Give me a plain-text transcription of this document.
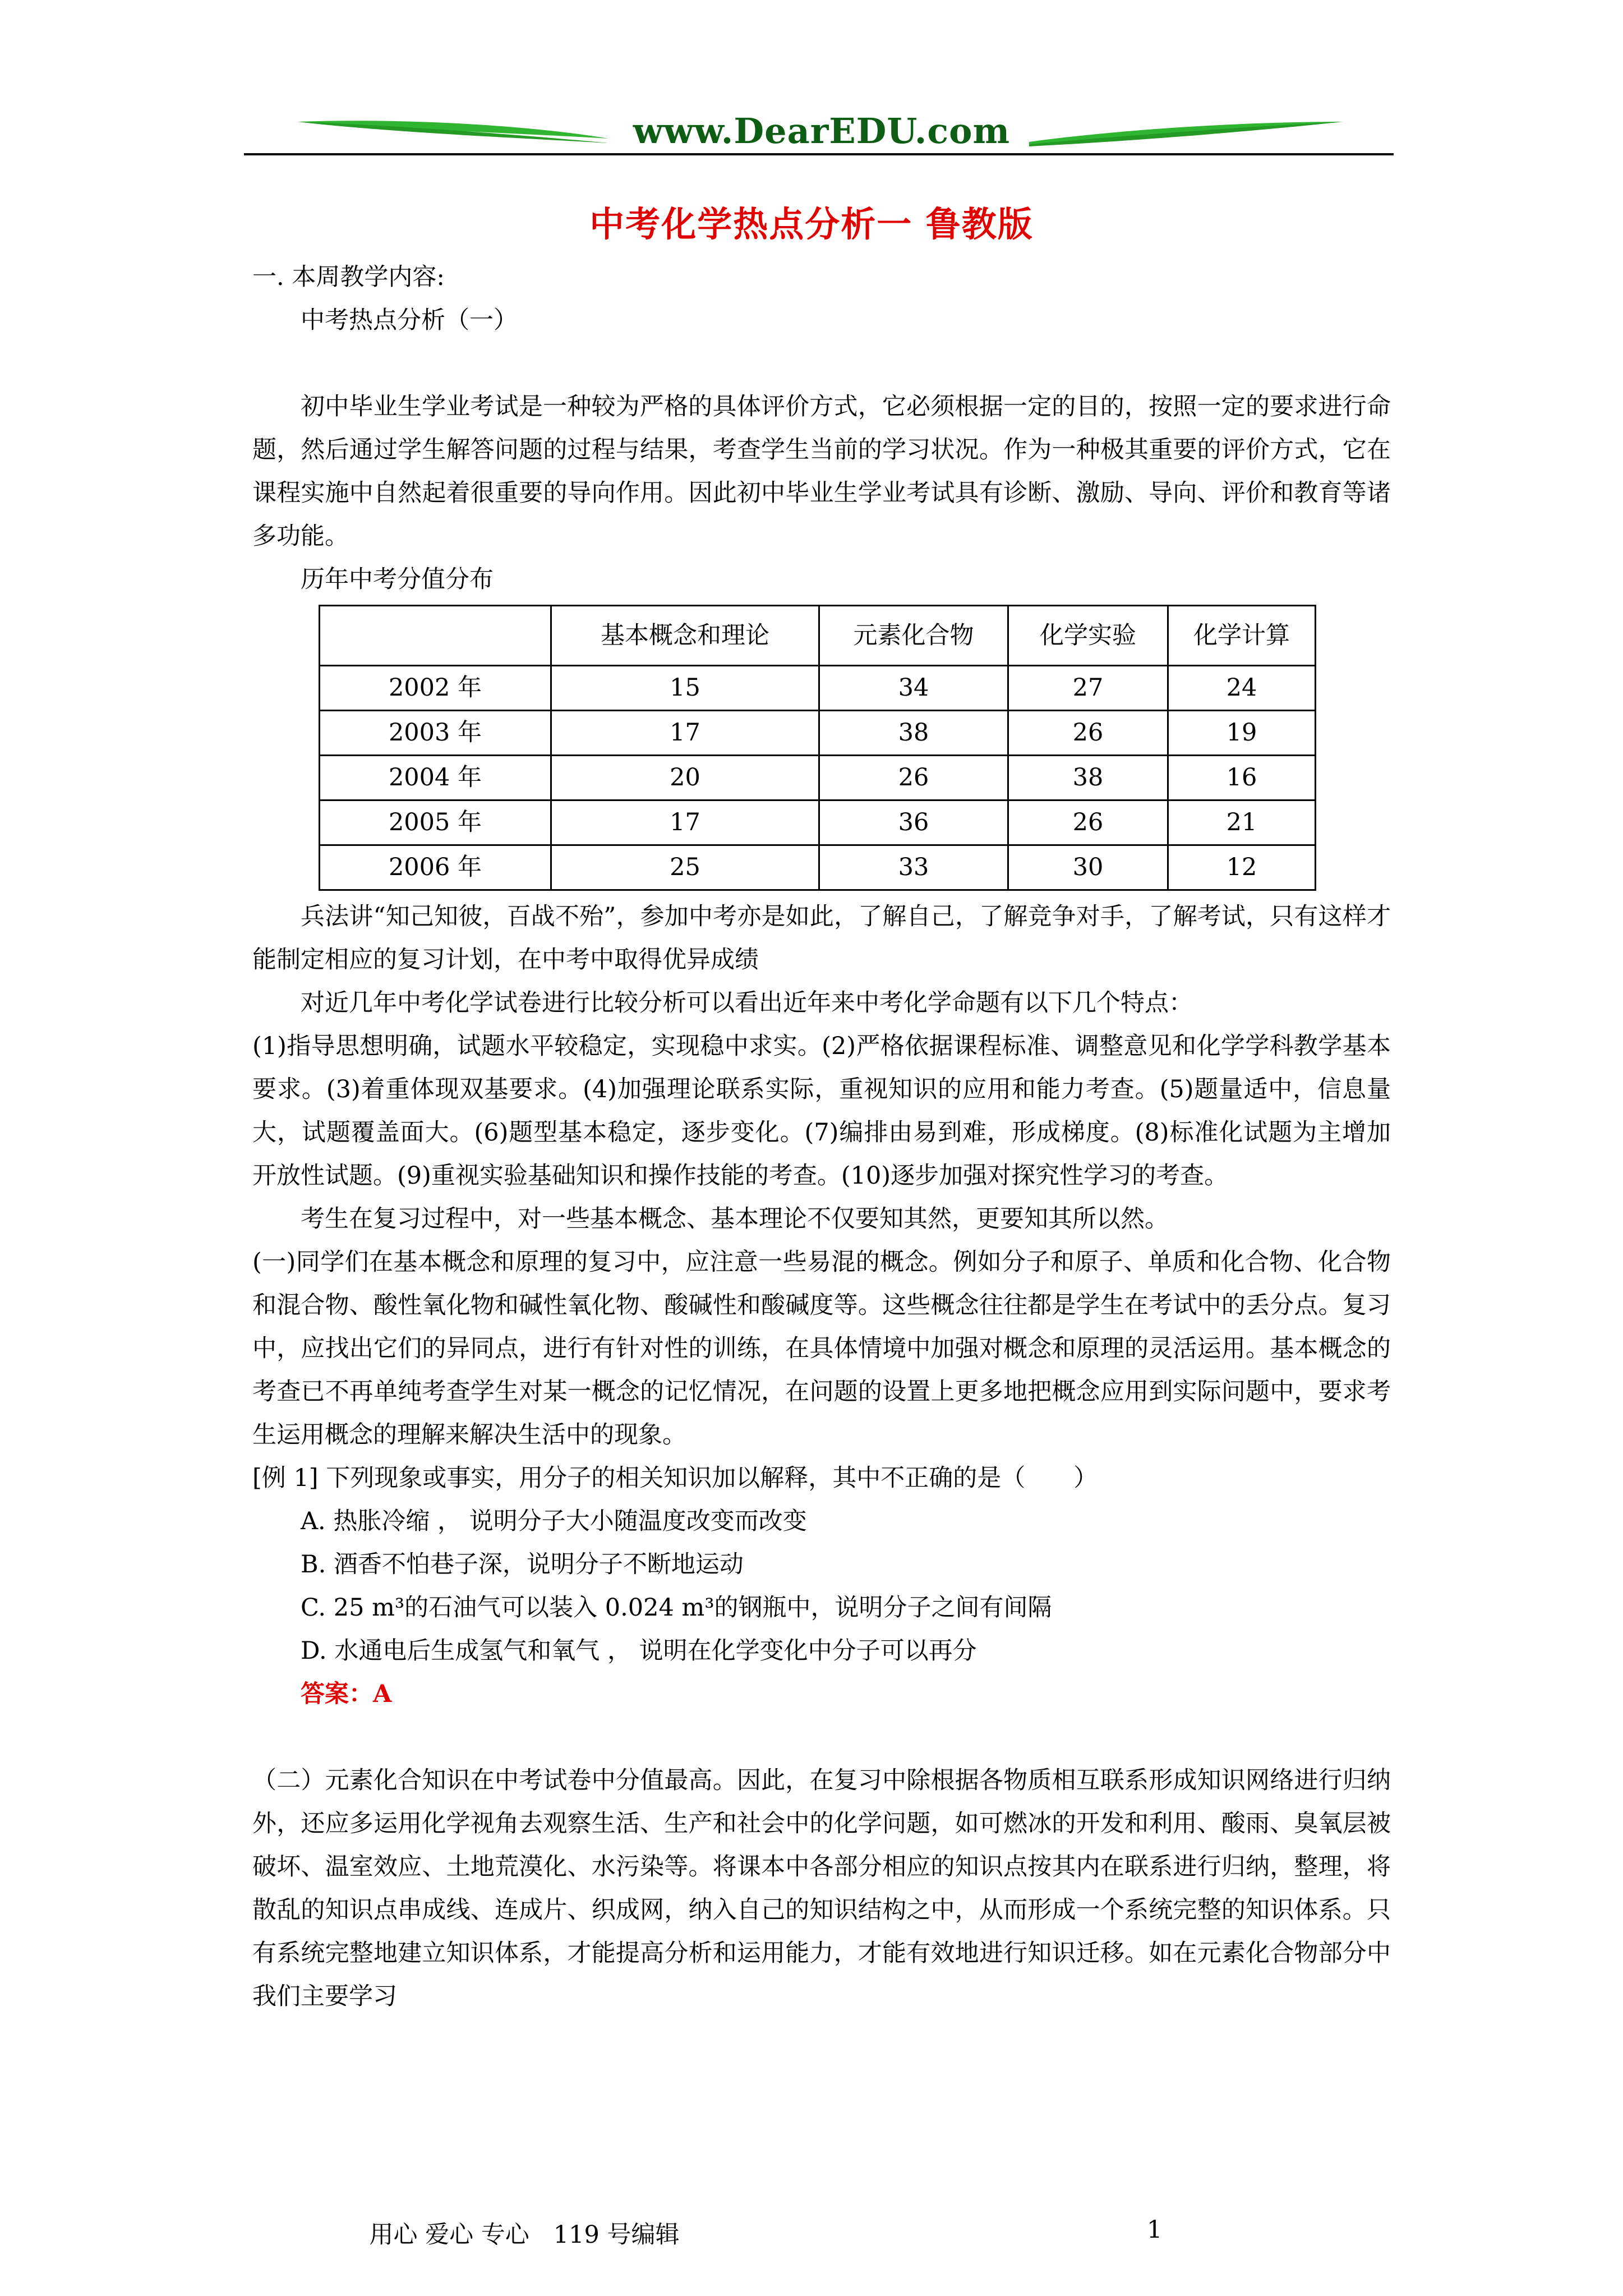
www.DearEDU.com
中考化学热点分析一 鲁教版

一. 本周教学内容:

中考热点分析（一）

初中毕业生学业考试是一种较为严格的具体评价方式，它必须根据一定的目的，按照一定的要求进行命题，然后通过学生解答问题的过程与结果，考查学生当前的学习状况。作为一种极其重要的评价方式，它在课程实施中自然起着很重要的导向作用。因此初中毕业生学业考试具有诊断、激励、导向、评价和教育等诸多功能。

历年中考分值分布

	基本概念和理论	元素化合物	化学实验	化学计算
2002 年	15	34	27	24
2003 年	17	38	26	19
2004 年	20	26	38	16
2005 年	17	36	26	21
2006 年	25	33	30	12

兵法讲“知己知彼，百战不殆”，参加中考亦是如此，了解自己，了解竞争对手，了解考试，只有这样才能制定相应的复习计划，在中考中取得优异成绩

对近几年中考化学试卷进行比较分析可以看出近年来中考化学命题有以下几个特点：

(1)指导思想明确，试题水平较稳定，实现稳中求实。(2)严格依据课程标准、调整意见和化学学科教学基本要求。(3)着重体现双基要求。(4)加强理论联系实际，重视知识的应用和能力考查。(5)题量适中，信息量大，试题覆盖面大。(6)题型基本稳定，逐步变化。(7)编排由易到难，形成梯度。(8)标准化试题为主增加开放性试题。(9)重视实验基础知识和操作技能的考查。(10)逐步加强对探究性学习的考查。

考生在复习过程中，对一些基本概念、基本理论不仅要知其然，更要知其所以然。

(一)同学们在基本概念和原理的复习中，应注意一些易混的概念。例如分子和原子、单质和化合物、化合物和混合物、酸性氧化物和碱性氧化物、酸碱性和酸碱度等。这些概念往往都是学生在考试中的丢分点。复习中，应找出它们的异同点，进行有针对性的训练，在具体情境中加强对概念和原理的灵活运用。基本概念的考查已不再单纯考查学生对某一概念的记忆情况，在问题的设置上更多地把概念应用到实际问题中，要求考生运用概念的理解来解决生活中的现象。

[例 1] 下列现象或事实，用分子的相关知识加以解释，其中不正确的是（　　）

A. 热胀冷缩 ， 说明分子大小随温度改变而改变

B. 酒香不怕巷子深，说明分子不断地运动

C. 25 m³的石油气可以装入 0.024 m³的钢瓶中，说明分子之间有间隔

D. 水通电后生成氢气和氧气 ， 说明在化学变化中分子可以再分

答案：A

（二）元素化合知识在中考试卷中分值最高。因此，在复习中除根据各物质相互联系形成知识网络进行归纳外，还应多运用化学视角去观察生活、生产和社会中的化学问题，如可燃冰的开发和利用、酸雨、臭氧层被破坏、温室效应、土地荒漠化、水污染等。将课本中各部分相应的知识点按其内在联系进行归纳，整理，将散乱的知识点串成线、连成片、织成网，纳入自己的知识结构之中，从而形成一个系统完整的知识体系。只有系统完整地建立知识体系，才能提高分析和运用能力，才能有效地进行知识迁移。如在元素化合物部分中我们主要学习

用心 爱心 专心　119 号编辑	1
